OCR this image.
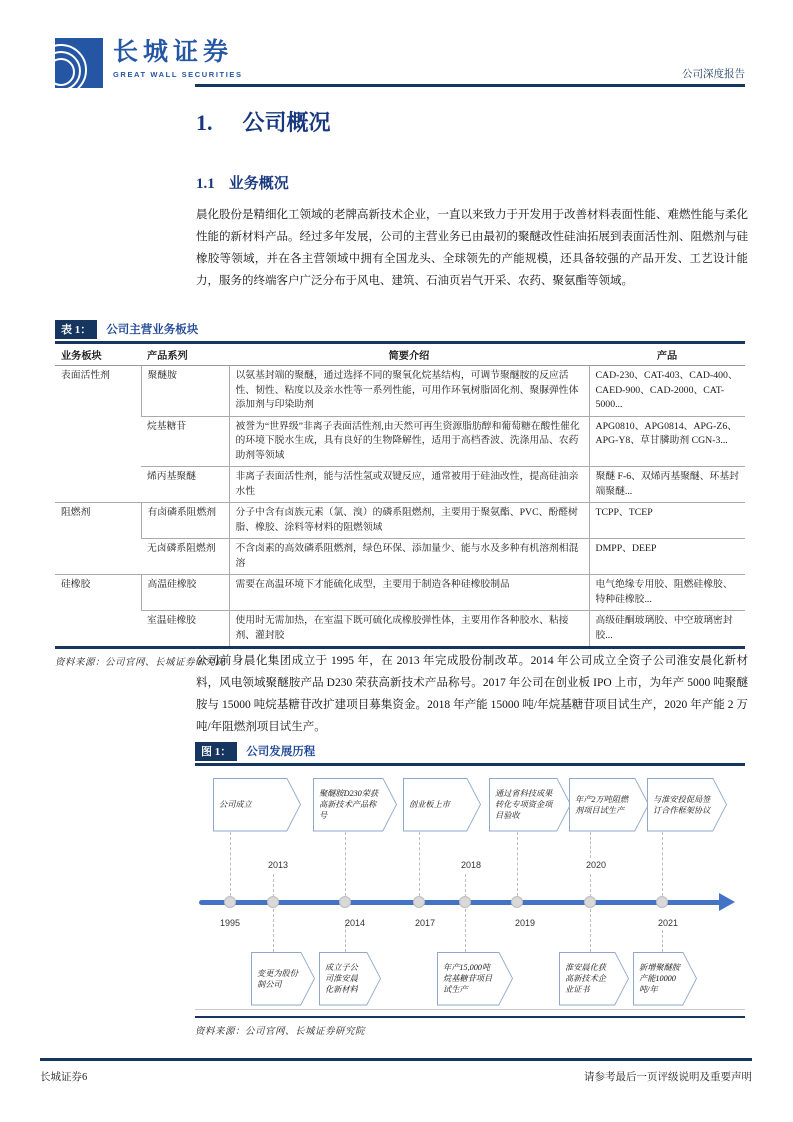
长城证券
GREAT WALL SECURITIES	公司深度报告
1. 公司概况
1.1 业务概况
晨化股份是精细化工领域的老牌高新技术企业，一直以来致力于开发用于改善材料表面性能、难燃性能与柔化性能的新材料产品。经过多年发展，公司的主营业务已由最初的聚醚改性硅油拓展到表面活性剂、阻燃剂与硅橡胶等领域，并在各主营领域中拥有全国龙头、全球领先的产能规模，还具备较强的产品开发、工艺设计能力，服务的终端客户广泛分布于风电、建筑、石油页岩气开采、农药、聚氨酯等领域。
表 1：	公司主营业务板块
业务板块	产品系列	简要介绍	产品
表面活性剂	聚醚胺	以氨基封端的聚醚，通过选择不同的聚氧化烷基结构，可调节聚醚胺的反应活性、韧性、粘度以及亲水性等一系列性能，可用作环氧树脂固化剂、聚脲弹性体添加剂与印染助剂	CAD-230、CAT-403、CAD-400、CAED-900、CAD-2000、CAT-5000...
	烷基糖苷	被誉为“世界级”非离子表面活性剂,由天然可再生资源脂肪醇和葡萄糖在酸性催化的环境下脱水生成，具有良好的生物降解性，适用于高档香波、洗涤用品、农药助剂等领域	APG0810、APG0814、APG-Z6、APG-Y8、草甘膦助剂 CGN-3...
	烯丙基聚醚	非离子表面活性剂，能与活性氢或双键反应，通常被用于硅油改性，提高硅油亲水性	聚醚 F-6、双烯丙基聚醚、环基封端聚醚...
阻燃剂	有卤磷系阻燃剂	分子中含有卤族元素（氯、溴）的磷系阻燃剂，主要用于聚氨酯、PVC、酚醛树脂、橡胶、涂料等材料的阻燃领域	TCPP、TCEP
	无卤磷系阻燃剂	不含卤素的高效磷系阻燃剂，绿色环保、添加量少、能与水及多种有机溶剂相混溶	DMPP、DEEP
硅橡胶	高温硅橡胶	需要在高温环境下才能硫化成型，主要用于制造各种硅橡胶制品	电气绝缘专用胶、阻燃硅橡胶、特种硅橡胶...
	室温硅橡胶	使用时无需加热，在室温下既可硫化成橡胶弹性体，主要用作各种胶水、粘接剂、灌封胶	高级硅酮玻璃胶、中空玻璃密封胶...
资料来源：公司官网、长城证券研究院
公司前身晨化集团成立于 1995 年，在 2013 年完成股份制改革。2014 年公司成立全资子公司淮安晨化新材料，风电领域聚醚胺产品 D230 荣获高新技术产品称号。2017 年公司在创业板 IPO 上市，为年产 5000 吨聚醚胺与 15000 吨烷基糖苷改扩建项目募集资金。2018 年产能 15000 吨/年烷基糖苷项目试生产，2020 年产能 2 万吨/年阻燃剂项目试生产。
图 1：	公司发展历程
1995
2013
2014	2017
2018
2019
2020
2021
公司成立
聚醚胺D230荣获高新技术产品称号
创业板上市
通过省科技成果转化专项资金项目验收
年产2万吨阻燃剂项目试生产
与淮安投促局签订合作框架协议
变更为股份制公司
成立子公司淮安晨化新材料
年产15,000吨烷基糖苷项目试生产
淮安晨化获高新技术企业证书
新增聚醚胺产能10000吨/年
资料来源：公司官网、长城证券研究院
长城证券6	请参考最后一页评级说明及重要声明
